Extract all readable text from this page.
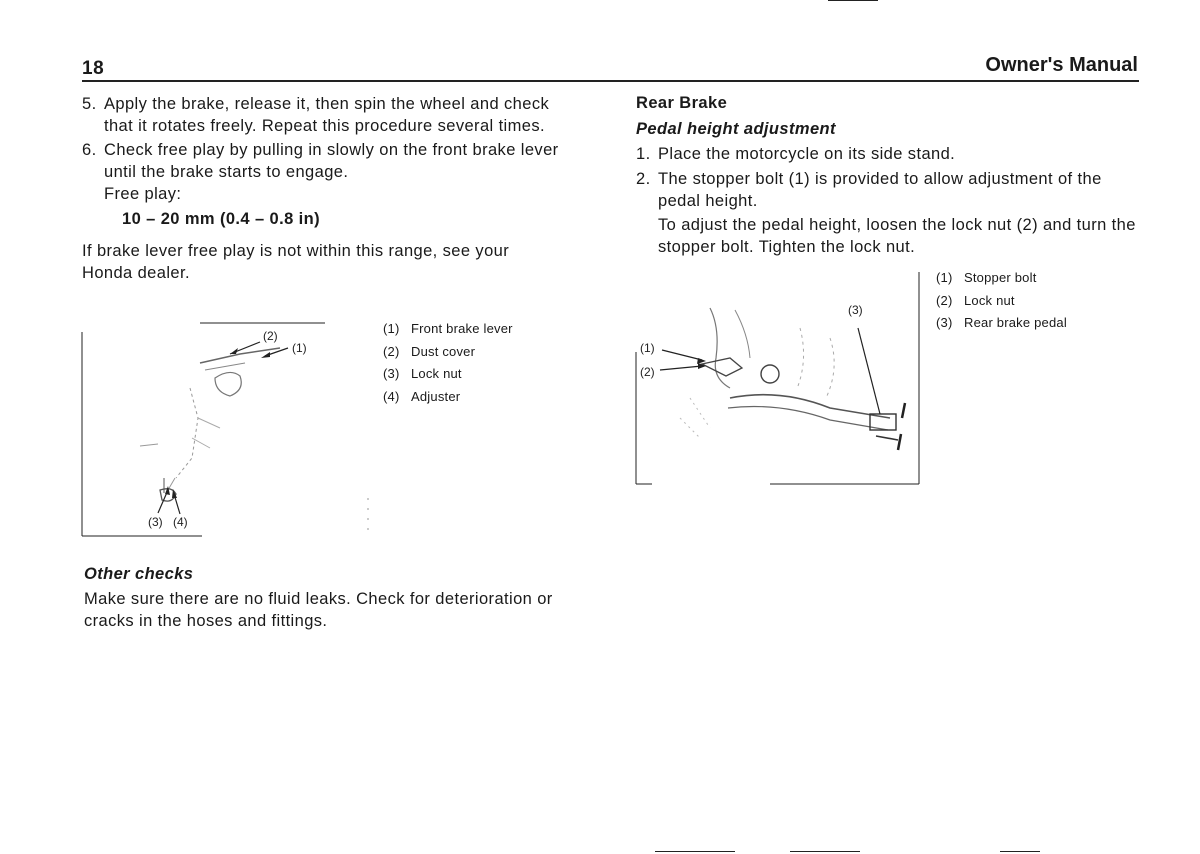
18	Owner's Manual
5. Apply the brake, release it, then spin the wheel and check that it rotates freely. Repeat this procedure several times.

6. Check free play by pulling in slowly on the front brake lever until the brake starts to engage.

Free play:

10 – 20 mm (0.4 – 0.8 in)

If brake lever free play is not within this range, see your Honda dealer.

(2)
(1)
(3) (4)
(1) Front brake lever
(2) Dust cover
(3) Lock nut
(4) Adjuster

Other checks

Make sure there are no fluid leaks. Check for deterioration or cracks in the hoses and fittings.

Rear Brake

Pedal height adjustment

1. Place the motorcycle on its side stand.

2. The stopper bolt (1) is provided to allow adjustment of the pedal height.

To adjust the pedal height, loosen the lock nut (2) and turn the stopper bolt. Tighten the lock nut.

(1)
(2)
(3)
(1) Stopper bolt
(2) Lock nut
(3) Rear brake pedal
